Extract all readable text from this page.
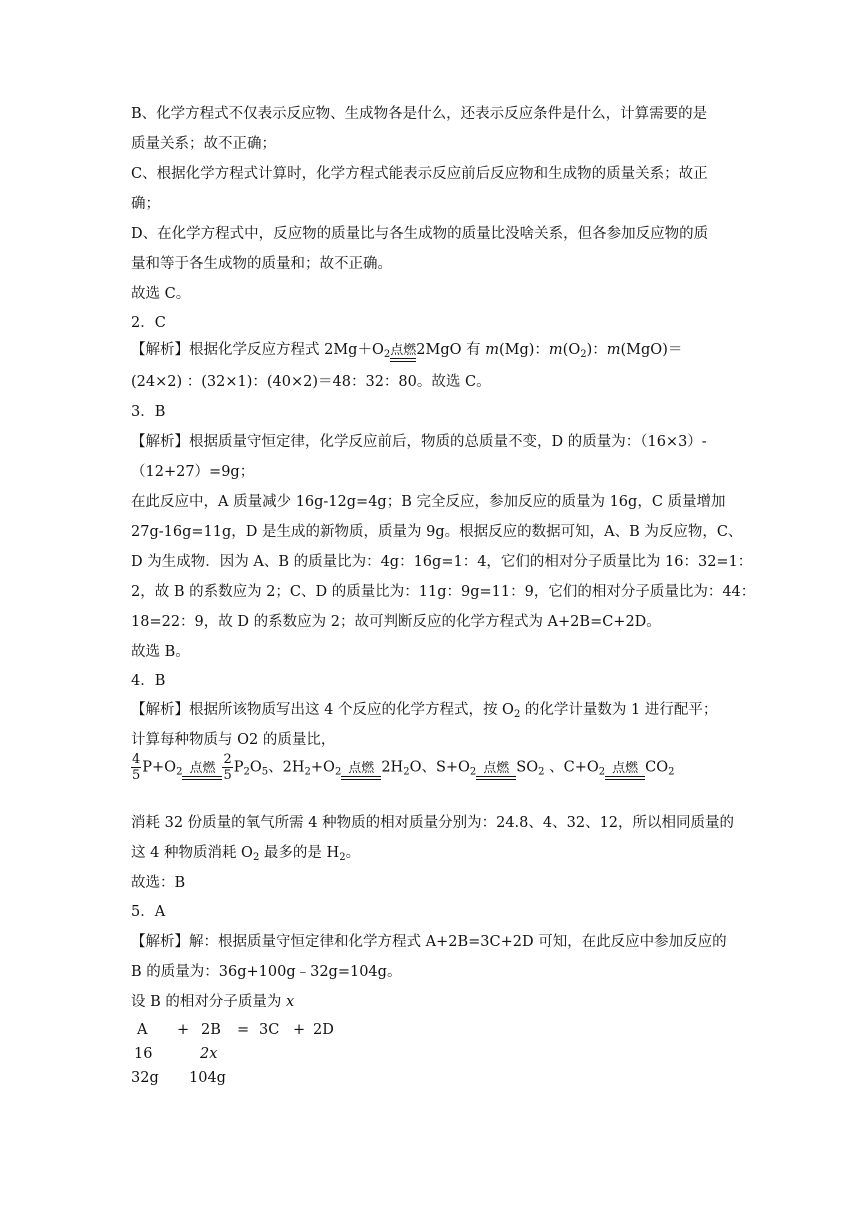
B、化学方程式不仅表示反应物、生成物各是什么，还表示反应条件是什么，计算需要的是
质量关系；故不正确；
C、根据化学方程式计算时，化学方程式能表示反应前后反应物和生成物的质量关系；故正
确；
D、在化学方程式中，反应物的质量比与各生成物的质量比没啥关系，但各参加反应物的质
量和等于各生成物的质量和；故不正确。
故选 C。
2．C
【解析】根据化学反应方程式 $2Mg+O_2$ 点燃 2MgO 有 m(Mg)：$m(O_2)$：m(MgO)＝
(24×2) ：(32×1)：(40×2)＝48：32：80。故选 C。
3．B
【解析】根据质量守恒定律，化学反应前后，物质的总质量不变，D 的质量为：（16×3）-
（12+27）=9g；
在此反应中，A 质量减少 16g-12g=4g；B 完全反应，参加反应的质量为 16g，C 质量增加
27g-16g=11g，D 是生成的新物质，质量为 9g。根据反应的数据可知，A、B 为反应物，C、
D 为生成物．因为 A、B 的质量比为：4g：16g=1：4，它们的相对分子质量比为 16：32=1：
2，故 B 的系数应为 2；C、D 的质量比为：11g：9g=11：9，它们的相对分子质量比为：44：
18=22：9，故 D 的系数应为 2；故可判断反应的化学方程式为 A+2B=C+2D。
故选 B。
4．B
【解析】根据所该物质写出这 4 个反应的化学方程式，按 $O_2$ 的化学计量数为 1 进行配平；
计算每种物质与 O2 的质量比，
$\frac{4}{5} P+O_2$ 点燃 $\frac{2}{5} P_2O_5$、$2H_2+O_2$ 点燃 $2H_2O$、$S+O_2$ 点燃 $SO_2$ 、$C+O_2$ 点燃 $CO_2$
消耗 32 份质量的氧气所需 4 种物质的相对质量分别为：24.8、4、32、12，所以相同质量的
这 4 种物质消耗 $O_2$ 最多的是 $H_2$。
故选：B
5．A
【解析】解：根据质量守恒定律和化学方程式 A+2B=3C+2D 可知，在此反应中参加反应的
B 的质量为：36g+100g﹣32g=104g。
设 B 的相对分子质量为 x
A + 2B = 3C + 2D
16	2x
32g 104g
